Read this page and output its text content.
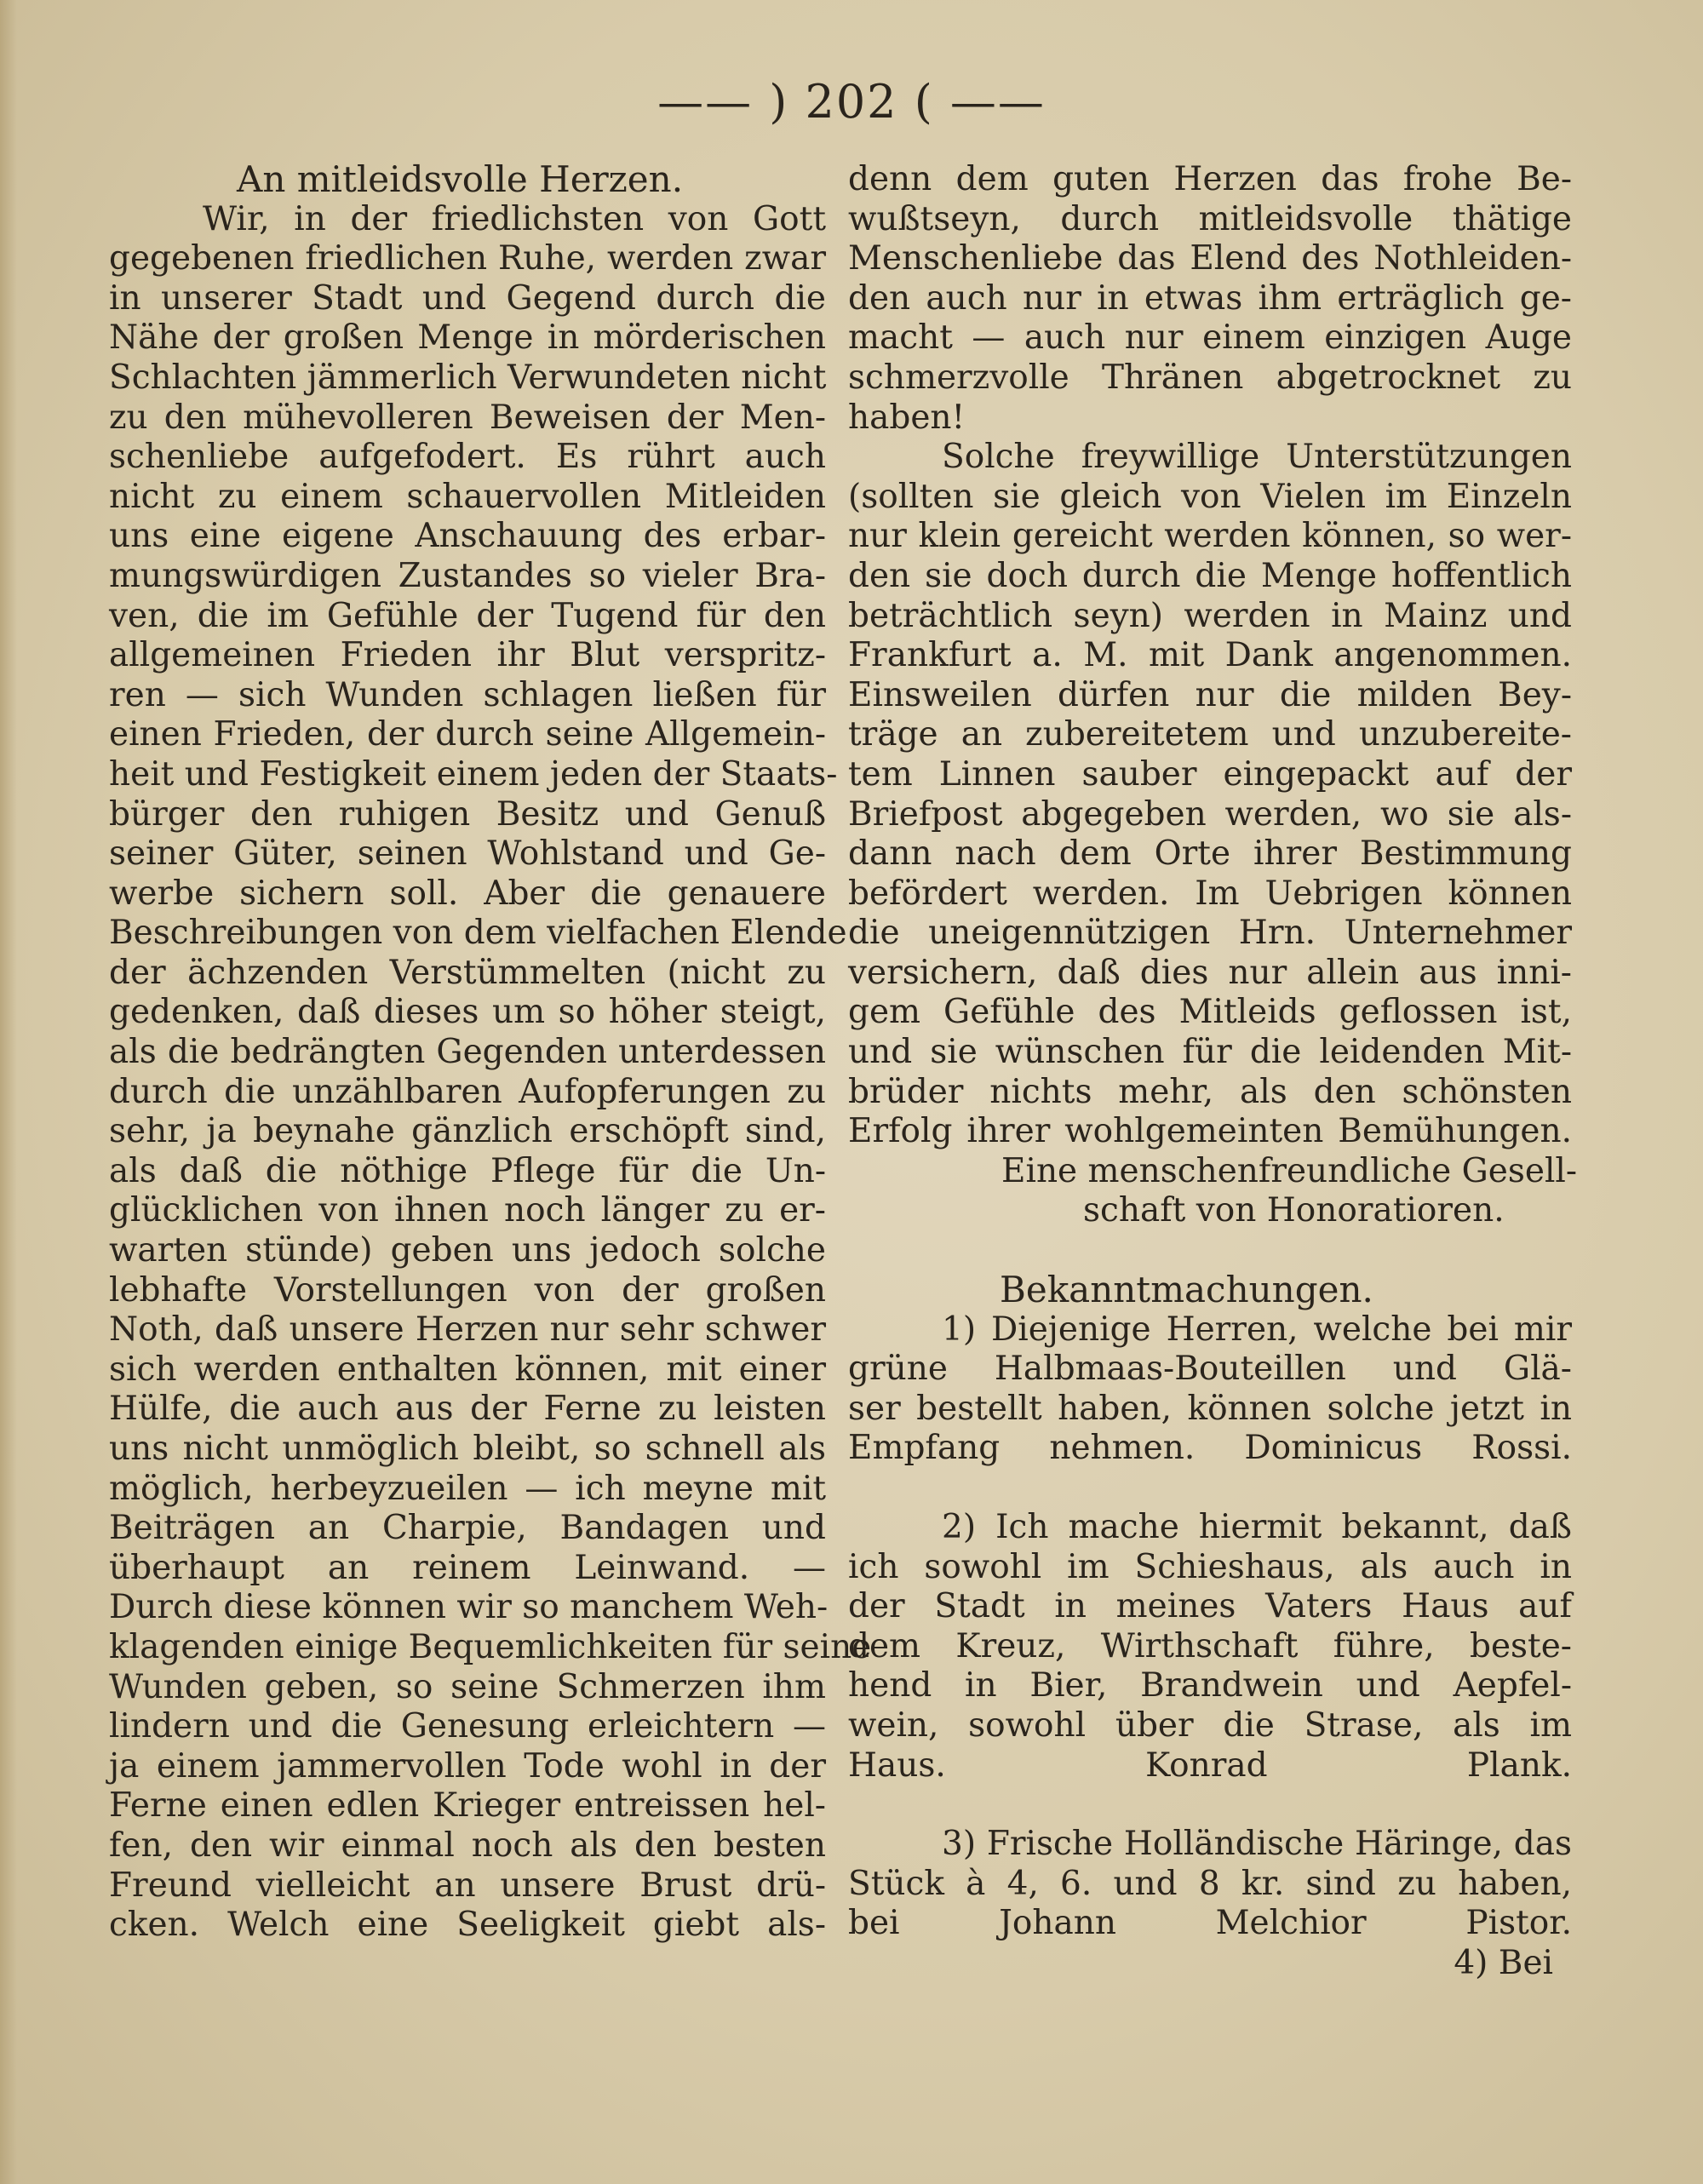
—— ) 202 ( ——
An mitleidsvolle Herzen.
Wir, in der friedlichsten von Gott
gegebenen friedlichen Ruhe, werden zwar
in unserer Stadt und Gegend durch die
Nähe der großen Menge in mörderischen
Schlachten jämmerlich Verwundeten nicht
zu den mühevolleren Beweisen der Men-
schenliebe aufgefodert. Es rührt auch
nicht zu einem schauervollen Mitleiden
uns eine eigene Anschauung des erbar-
mungswürdigen Zustandes so vieler Bra-
ven, die im Gefühle der Tugend für den
allgemeinen Frieden ihr Blut verspritz-
ren — sich Wunden schlagen ließen für
einen Frieden, der durch seine Allgemein-
heit und Festigkeit einem jeden der Staats-
bürger den ruhigen Besitz und Genuß
seiner Güter, seinen Wohlstand und Ge-
werbe sichern soll. Aber die genauere
Beschreibungen von dem vielfachen Elende
der ächzenden Verstümmelten (nicht zu
gedenken, daß dieses um so höher steigt,
als die bedrängten Gegenden unterdessen
durch die unzählbaren Aufopferungen zu
sehr, ja beynahe gänzlich erschöpft sind,
als daß die nöthige Pflege für die Un-
glücklichen von ihnen noch länger zu er-
warten stünde) geben uns jedoch solche
lebhafte Vorstellungen von der großen
Noth, daß unsere Herzen nur sehr schwer
sich werden enthalten können, mit einer
Hülfe, die auch aus der Ferne zu leisten
uns nicht unmöglich bleibt, so schnell als
möglich, herbeyzueilen — ich meyne mit
Beiträgen an Charpie, Bandagen und
überhaupt an reinem Leinwand. —
Durch diese können wir so manchem Weh-
klagenden einige Bequemlichkeiten für seine
Wunden geben, so seine Schmerzen ihm
lindern und die Genesung erleichtern —
ja einem jammervollen Tode wohl in der
Ferne einen edlen Krieger entreissen hel-
fen, den wir einmal noch als den besten
Freund vielleicht an unsere Brust drü-
cken. Welch eine Seeligkeit giebt als-
denn dem guten Herzen das frohe Be-
wußtseyn, durch mitleidsvolle thätige
Menschenliebe das Elend des Nothleiden-
den auch nur in etwas ihm erträglich ge-
macht — auch nur einem einzigen Auge
schmerzvolle Thränen abgetrocknet zu
haben!
Solche freywillige Unterstützungen
(sollten sie gleich von Vielen im Einzeln
nur klein gereicht werden können, so wer-
den sie doch durch die Menge hoffentlich
beträchtlich seyn) werden in Mainz und
Frankfurt a. M. mit Dank angenommen.
Einsweilen dürfen nur die milden Bey-
träge an zubereitetem und unzubereite-
tem Linnen sauber eingepackt auf der
Briefpost abgegeben werden, wo sie als-
dann nach dem Orte ihrer Bestimmung
befördert werden. Im Uebrigen können
die uneigennützigen Hrn. Unternehmer
versichern, daß dies nur allein aus inni-
gem Gefühle des Mitleids geflossen ist,
und sie wünschen für die leidenden Mit-
brüder nichts mehr, als den schönsten
Erfolg ihrer wohlgemeinten Bemühungen.
Eine menschenfreundliche Gesell-
schaft von Honoratioren.
Bekanntmachungen.
1) Diejenige Herren, welche bei mir
grüne Halbmaas-Bouteillen und Glä-
ser bestellt haben, können solche jetzt in
Empfang nehmen. Dominicus Rossi.
2) Ich mache hiermit bekannt, daß
ich sowohl im Schieshaus, als auch in
der Stadt in meines Vaters Haus auf
dem Kreuz, Wirthschaft führe, beste-
hend in Bier, Brandwein und Aepfel-
wein, sowohl über die Strase, als im
Haus. Konrad Plank.
3) Frische Holländische Häringe, das
Stück à 4, 6. und 8 kr. sind zu haben,
bei Johann Melchior Pistor.
4) Bei
